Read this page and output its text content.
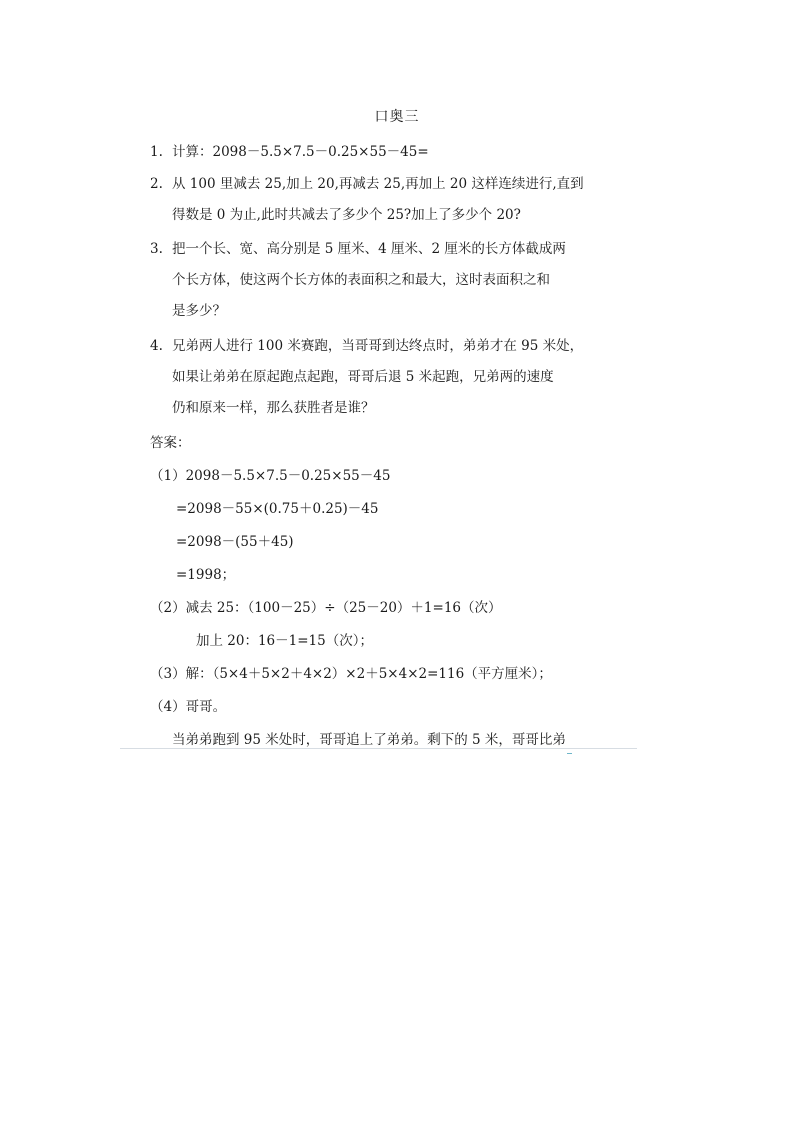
口奥三
1. 计算：2098－5.5×7.5－0.25×55－45=
2. 从 100 里减去 25,加上 20,再减去 25,再加上 20 这样连续进行,直到
得数是 0 为止,此时共减去了多少个 25?加上了多少个 20?
3. 把一个长、宽、高分别是 5 厘米、4 厘米、2 厘米的长方体截成两
个长方体，使这两个长方体的表面积之和最大，这时表面积之和
是多少？
4. 兄弟两人进行 100 米赛跑，当哥哥到达终点时，弟弟才在 95 米处，
如果让弟弟在原起跑点起跑，哥哥后退 5 米起跑，兄弟两的速度
仍和原来一样，那么获胜者是谁？
答案：
（1）2098－5.5×7.5－0.25×55－45
=2098－55×(0.75＋0.25)－45
=2098－(55＋45)
=1998；
（2）减去 25：（100－25）÷（25－20）＋1=16（次）
加上 20：16－1=15（次）；
（3）解：（5×4＋5×2＋4×2）×2＋5×4×2=116（平方厘米）；
（4）哥哥。
当弟弟跑到 95 米处时，哥哥追上了弟弟。剩下的 5 米，哥哥比弟
